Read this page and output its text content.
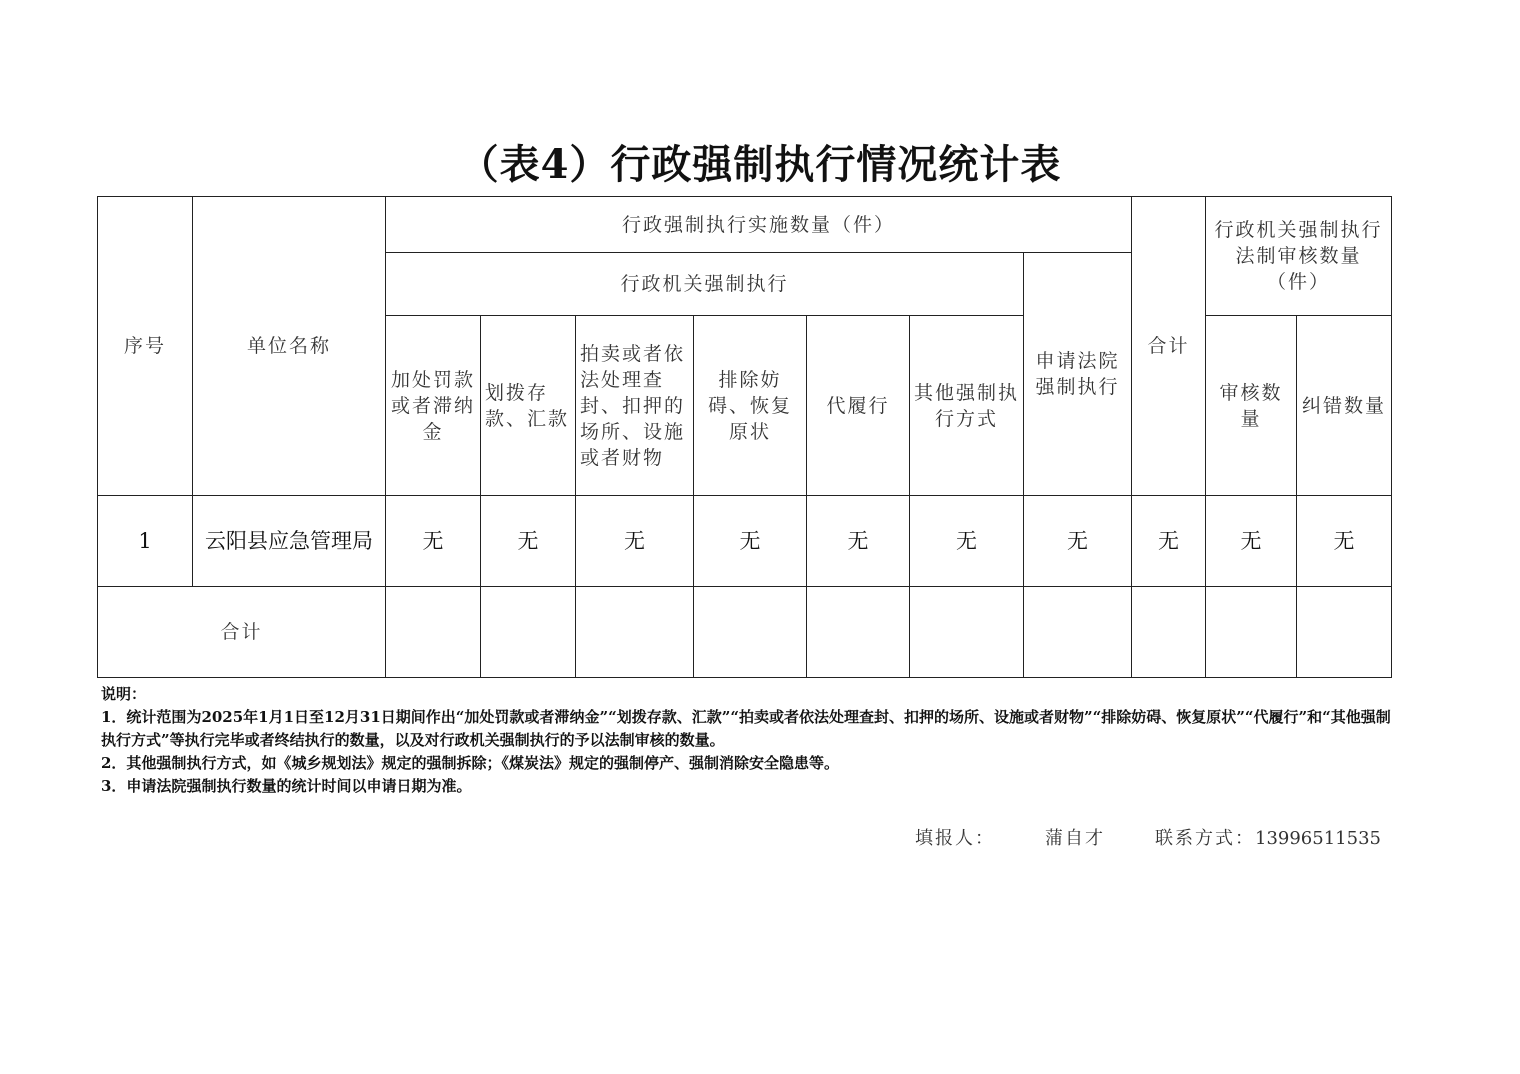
（表4）行政强制执行情况统计表
序号	单位名称	行政强制执行实施数量（件）							合计	行政机关强制执行法制审核数量（件）	
		行政机关强制执行						申请法院强制执行			
		加处罚款或者滞纳金	划拨存款、汇款	拍卖或者依法处理查封、扣押的场所、设施或者财物	排除妨碍、恢复原状	代履行	其他强制执行方式			审核数量	纠错数量
1	云阳县应急管理局	无	无	无	无	无	无	无	无	无	无
合计											
说明：
1．统计范围为2025年1月1日至12月31日期间作出“加处罚款或者滞纳金”“划拨存款、汇款”“拍卖或者依法处理查封、扣押的场所、设施或者财物”“排除妨碍、恢复原状”“代履行”和“其他强制执行方式”等执行完毕或者终结执行的数量，以及对行政机关强制执行的予以法制审核的数量。
2．其他强制执行方式，如《城乡规划法》规定的强制拆除；《煤炭法》规定的强制停产、强制消除安全隐患等。
3．申请法院强制执行数量的统计时间以申请日期为准。
填报人：	蒲自才	联系方式：13996511535
